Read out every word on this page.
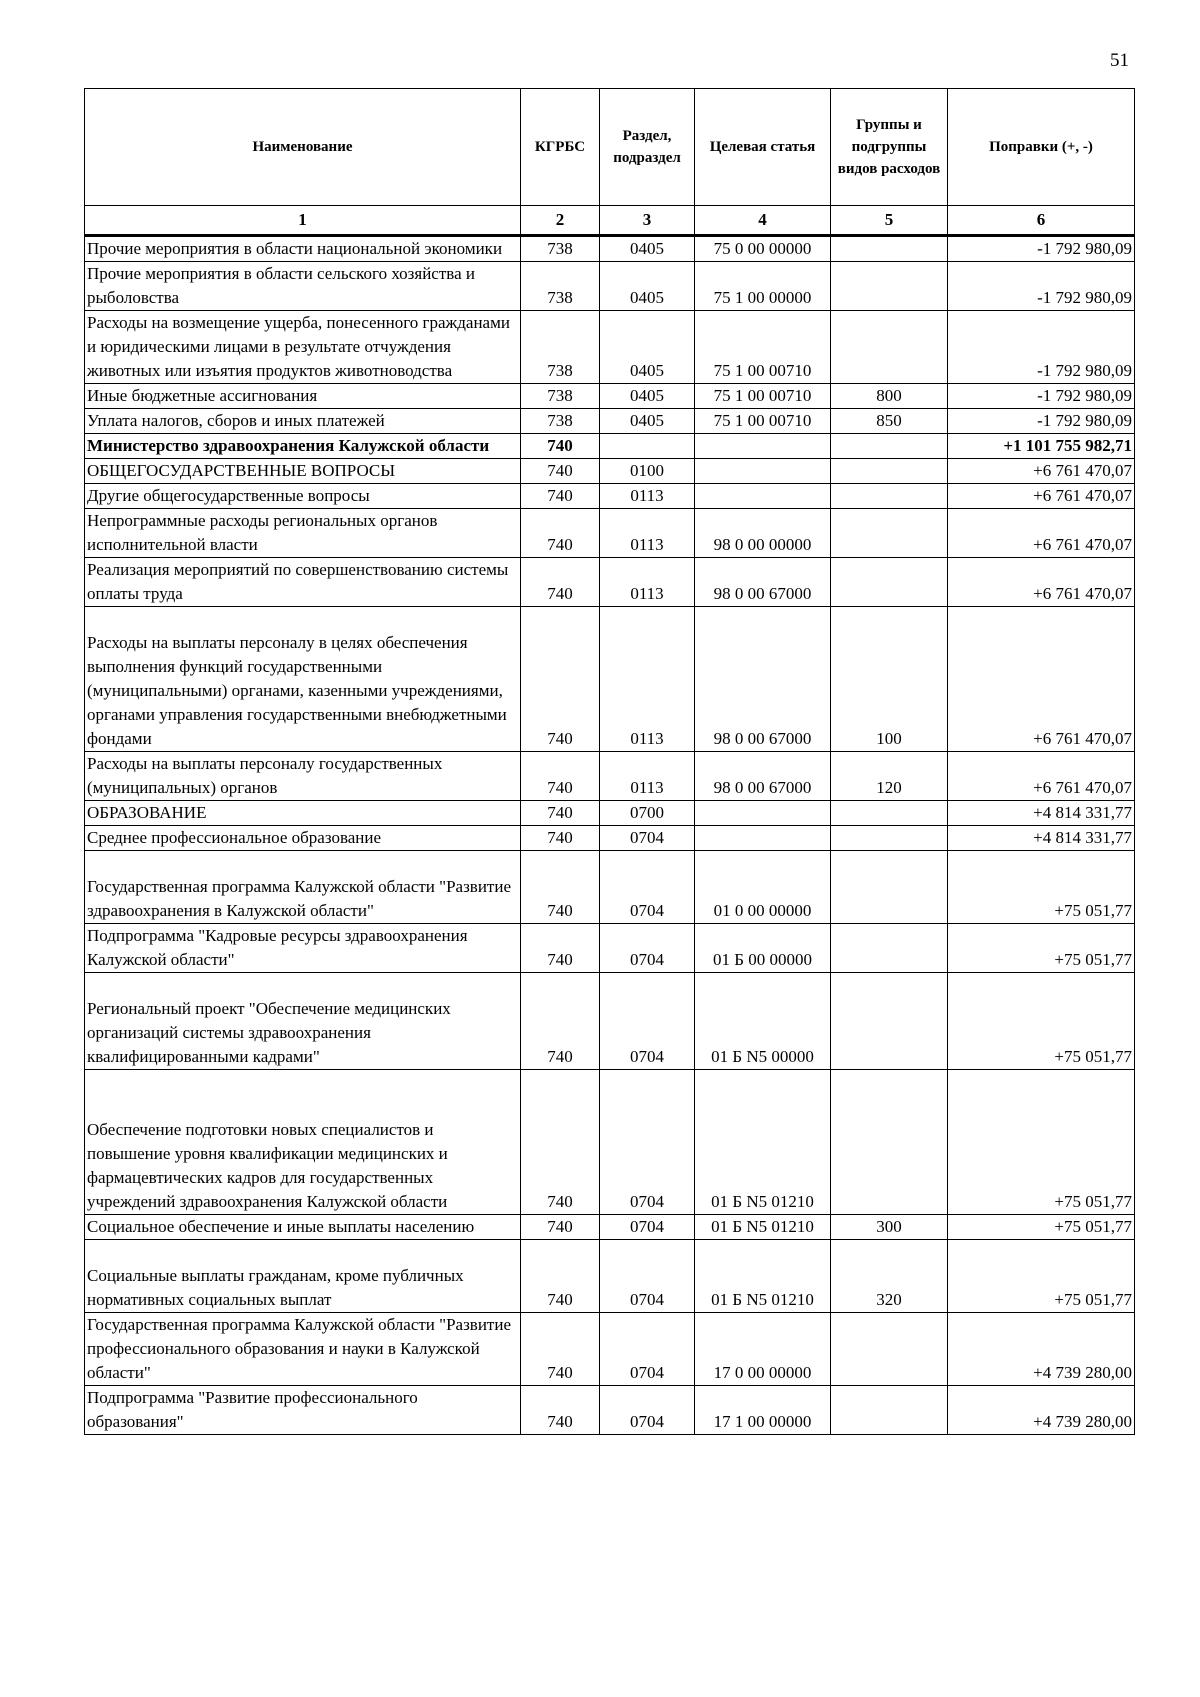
51
Наименование	КГРБС	Раздел, подраздел	Целевая статья	Группы и подгруппы видов расходов	Поправки (+, -)
1	2	3	4	5	6
Прочие мероприятия в области национальной экономики	738	0405	75 0 00 00000		-1 792 980,09
Прочие мероприятия в области сельского хозяйства и рыболовства	738	0405	75 1 00 00000		-1 792 980,09
Расходы на возмещение ущерба, понесенного гражданами и юридическими лицами в результате отчуждения животных или изъятия продуктов животноводства	738	0405	75 1 00 00710		-1 792 980,09
Иные бюджетные ассигнования	738	0405	75 1 00 00710	800	-1 792 980,09
Уплата налогов, сборов и иных платежей	738	0405	75 1 00 00710	850	-1 792 980,09
Министерство здравоохранения Калужской области	740				+1 101 755 982,71
ОБЩЕГОСУДАРСТВЕННЫЕ ВОПРОСЫ	740	0100			+6 761 470,07
Другие общегосударственные вопросы	740	0113			+6 761 470,07
Непрограммные расходы региональных органов исполнительной власти	740	0113	98 0 00 00000		+6 761 470,07
Реализация мероприятий по совершенствованию системы оплаты труда	740	0113	98 0 00 67000		+6 761 470,07
Расходы на выплаты персоналу в целях обеспечения выполнения функций государственными (муниципальными) органами, казенными учреждениями, органами управления государственными внебюджетными фондами	740	0113	98 0 00 67000	100	+6 761 470,07
Расходы на выплаты персоналу государственных (муниципальных) органов	740	0113	98 0 00 67000	120	+6 761 470,07
ОБРАЗОВАНИЕ	740	0700			+4 814 331,77
Среднее профессиональное образование	740	0704			+4 814 331,77
Государственная программа Калужской области "Развитие здравоохранения в Калужской области"	740	0704	01 0 00 00000		+75 051,77
Подпрограмма "Кадровые ресурсы здравоохранения Калужской области"	740	0704	01 Б 00 00000		+75 051,77
Региональный проект "Обеспечение медицинских организаций системы здравоохранения квалифицированными кадрами"	740	0704	01 Б N5 00000		+75 051,77
Обеспечение подготовки новых специалистов и повышение уровня квалификации медицинских и фармацевтических кадров для государственных учреждений здравоохранения Калужской области	740	0704	01 Б N5 01210		+75 051,77
Социальное обеспечение и иные выплаты населению	740	0704	01 Б N5 01210	300	+75 051,77
Социальные выплаты гражданам, кроме публичных нормативных социальных выплат	740	0704	01 Б N5 01210	320	+75 051,77
Государственная программа Калужской области "Развитие профессионального образования и науки в Калужской области"	740	0704	17 0 00 00000		+4 739 280,00
Подпрограмма "Развитие профессионального образования"	740	0704	17 1 00 00000		+4 739 280,00
